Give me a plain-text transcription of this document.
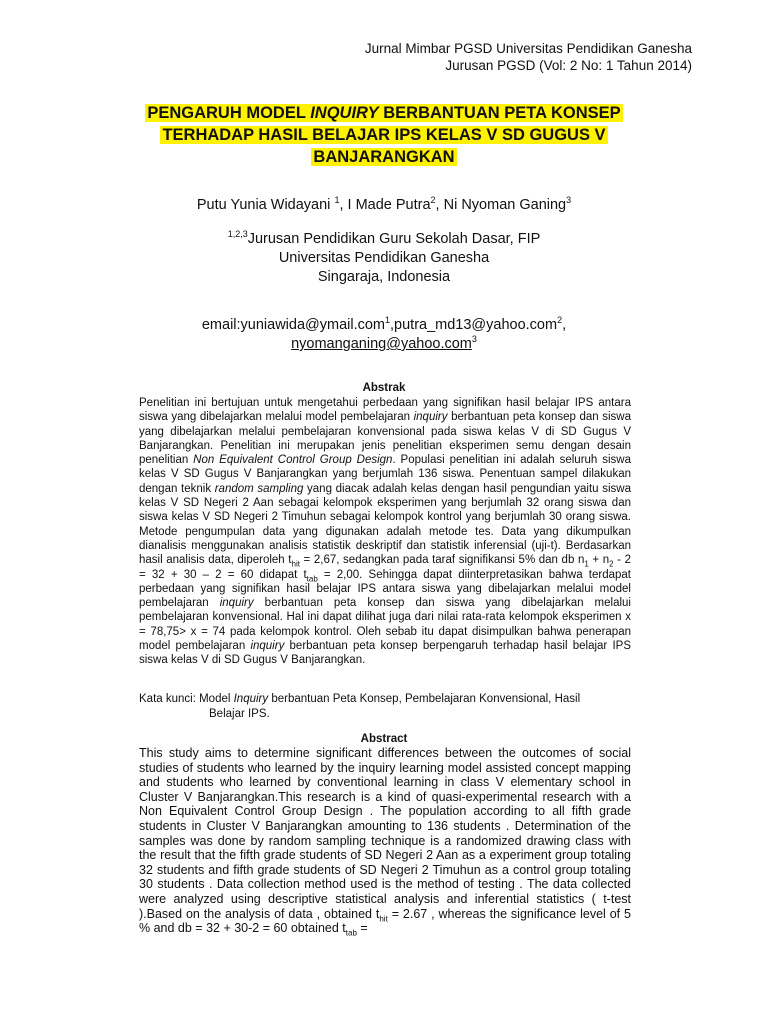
Jurnal Mimbar PGSD Universitas Pendidikan Ganesha
Jurusan PGSD (Vol: 2 No: 1 Tahun 2014)
PENGARUH MODEL INQUIRY BERBANTUAN PETA KONSEP
TERHADAP HASIL BELAJAR IPS KELAS V SD GUGUS V
BANJARANGKAN
Putu Yunia Widayani $^1$, I Made Putra$^2$, Ni Nyoman Ganing$^3$
$^{1,2,3}$Jurusan Pendidikan Guru Sekolah Dasar, FIP
Universitas Pendidikan Ganesha
Singaraja, Indonesia
email:yuniawida@ymail.com$^1$,putra_md13@yahoo.com$^2$,
nyomanganing@yahoo.com$^3$
Abstrak

Penelitian ini bertujuan untuk mengetahui perbedaan yang signifikan hasil belajar IPS antara siswa yang dibelajarkan melalui model pembelajaran inquiry berbantuan peta konsep dan siswa yang dibelajarkan melalui pembelajaran konvensional pada siswa kelas V di SD Gugus V Banjarangkan. Penelitian ini merupakan jenis penelitian eksperimen semu dengan desain penelitian Non Equivalent Control Group Design. Populasi penelitian ini adalah seluruh siswa kelas V SD Gugus V Banjarangkan yang berjumlah 136 siswa. Penentuan sampel dilakukan dengan teknik random sampling yang diacak adalah kelas dengan hasil pengundian yaitu siswa kelas V SD Negeri 2 Aan sebagai kelompok eksperimen yang berjumlah 32 orang siswa dan siswa kelas V SD Negeri 2 Timuhun sebagai kelompok kontrol yang berjumlah 30 orang siswa. Metode pengumpulan data yang digunakan adalah metode tes. Data yang dikumpulkan dianalisis menggunakan analisis statistik deskriptif dan statistik inferensial (uji-t). Berdasarkan hasil analisis data, diperoleh $t_{hit} = 2,67$, sedangkan pada taraf signifikansi 5% dan db $n_1 + n_2 - 2 = 32 + 30 - 2 = 60$ didapat $t_{tab} = 2,00$. Sehingga dapat diinterpretasikan bahwa terdapat perbedaan yang signifikan hasil belajar IPS antara siswa yang dibelajarkan melalui model pembelajaran inquiry berbantuan peta konsep dan siswa yang dibelajarkan melalui pembelajaran konvensional. Hal ini dapat dilihat juga dari nilai rata-rata kelompok eksperimen x = 78,75> x = 74 pada kelompok kontrol. Oleh sebab itu dapat disimpulkan bahwa penerapan model pembelajaran inquiry berbantuan peta konsep berpengaruh terhadap hasil belajar IPS siswa kelas V di SD Gugus V Banjarangkan.

Kata kunci: Model Inquiry berbantuan Peta Konsep, Pembelajaran Konvensional, Hasil
Belajar IPS.
Abstract

This study aims to determine significant differences between the outcomes of social studies of students who learned by the inquiry learning model assisted concept mapping and students who learned by conventional learning in class V elementary school in Cluster V Banjarangkan.This research is a kind of quasi-experimental research with a Non Equivalent Control Group Design . The population according to all fifth grade students in Cluster V Banjarangkan amounting to 136 students . Determination of the samples was done by random sampling technique is a randomized drawing class with the result that the fifth grade students of SD Negeri 2 Aan as a experiment group totaling 32 students and fifth grade students of SD Negeri 2 Timuhun as a control group totaling 30 students . Data collection method used is the method of testing . The data collected were analyzed using descriptive statistical analysis and inferential statistics ( t-test ).Based on the analysis of data , obtained $t_{hit} = 2.67$ , whereas the significance level of 5 % and db = 32 + 30-2 = 60 obtained $t_{tab}$ =
